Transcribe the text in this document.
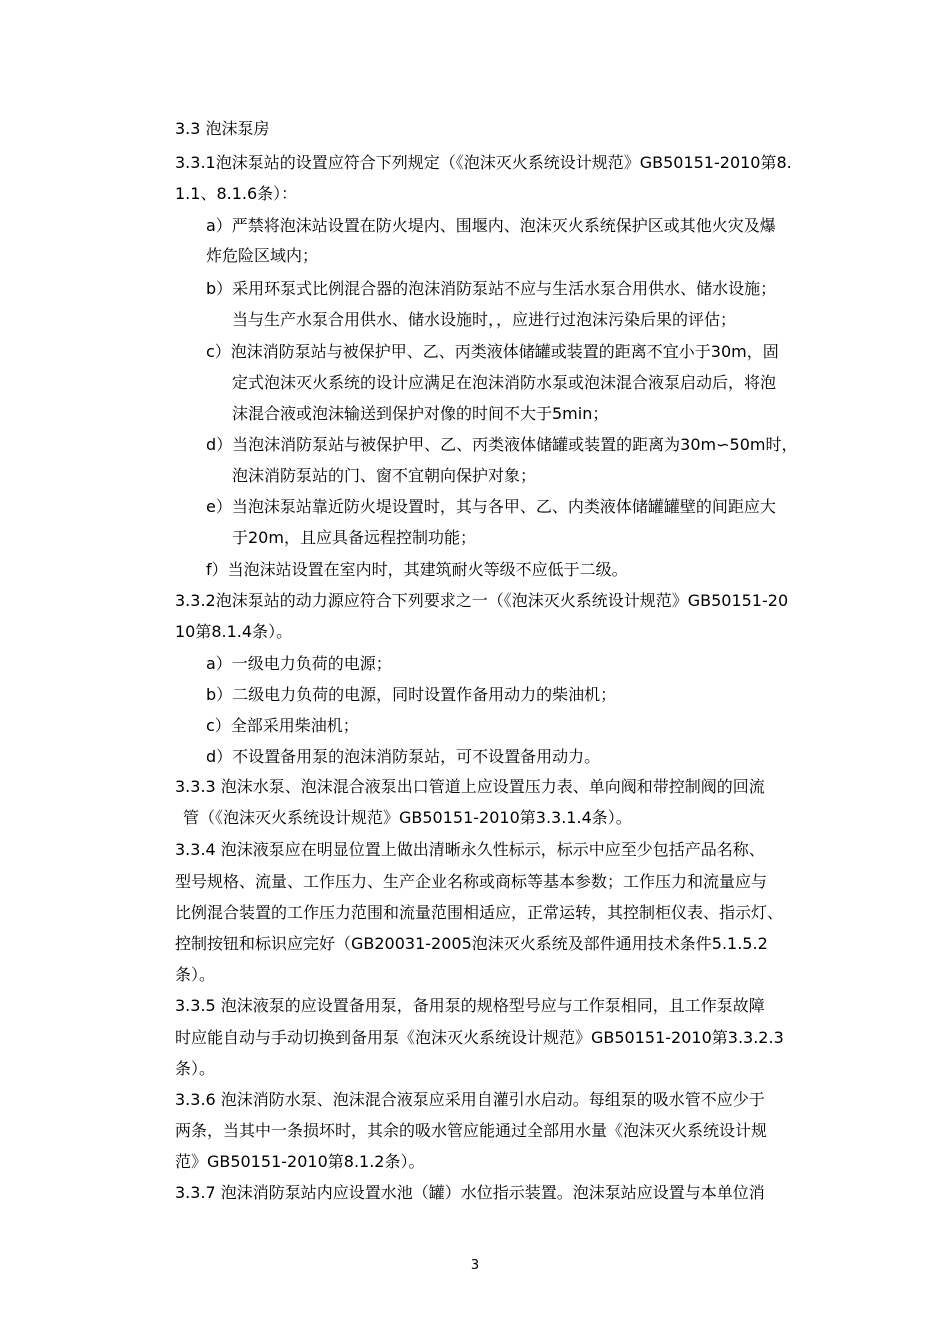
3.3 泡沫泵房
3.3.1泡沫泵站的设置应符合下列规定（《泡沫灭火系统设计规范》GB50151-2010第8.
1.1、8.1.6条）：
a）严禁将泡沫站设置在防火堤内、围堰内、泡沫灭火系统保护区或其他火灾及爆
炸危险区域内；
b）采用环泵式比例混合器的泡沫消防泵站不应与生活水泵合用供水、储水设施；
当与生产水泵合用供水、储水设施时，，应进行过泡沫污染后果的评估；
c）泡沫消防泵站与被保护甲、乙、丙类液体储罐或装置的距离不宜小于30m，固
定式泡沫灭火系统的设计应满足在泡沫消防水泵或泡沫混合液泵启动后，将泡
沫混合液或泡沫输送到保护对像的时间不大于5min；
d）当泡沫消防泵站与被保护甲、乙、丙类液体储罐或装置的距离为30m∽50m时，
泡沫消防泵站的门、窗不宜朝向保护对象；
e）当泡沫泵站靠近防火堤设置时，其与各甲、乙、内类液体储罐罐壁的间距应大
于20m，且应具备远程控制功能；
f）当泡沫站设置在室内时，其建筑耐火等级不应低于二级。
3.3.2泡沫泵站的动力源应符合下列要求之一（《泡沫灭火系统设计规范》GB50151-20
10第8.1.4条）。
a）一级电力负荷的电源；
b）二级电力负荷的电源，同时设置作备用动力的柴油机；
c）全部采用柴油机；
d）不设置备用泵的泡沫消防泵站，可不设置备用动力。
3.3.3 泡沫水泵、泡沫混合液泵出口管道上应设置压力表、单向阀和带控制阀的回流
管（《泡沫灭火系统设计规范》GB50151-2010第3.3.1.4条）。
3.3.4 泡沫液泵应在明显位置上做出清晰永久性标示，标示中应至少包括产品名称、
型号规格、流量、工作压力、生产企业名称或商标等基本参数；工作压力和流量应与
比例混合装置的工作压力范围和流量范围相适应，正常运转，其控制柜仪表、指示灯、
控制按钮和标识应完好（GB20031-2005泡沫灭火系统及部件通用技术条件5.1.5.2
条）。
3.3.5 泡沫液泵的应设置备用泵，备用泵的规格型号应与工作泵相同，且工作泵故障
时应能自动与手动切换到备用泵《泡沫灭火系统设计规范》GB50151-2010第3.3.2.3
条）。
3.3.6 泡沫消防水泵、泡沫混合液泵应采用自灌引水启动。每组泵的吸水管不应少于
两条，当其中一条损坏时，其余的吸水管应能通过全部用水量《泡沫灭火系统设计规
范》GB50151-2010第8.1.2条）。
3.3.7 泡沫消防泵站内应设置水池（罐）水位指示装置。泡沫泵站应设置与本单位消
3
